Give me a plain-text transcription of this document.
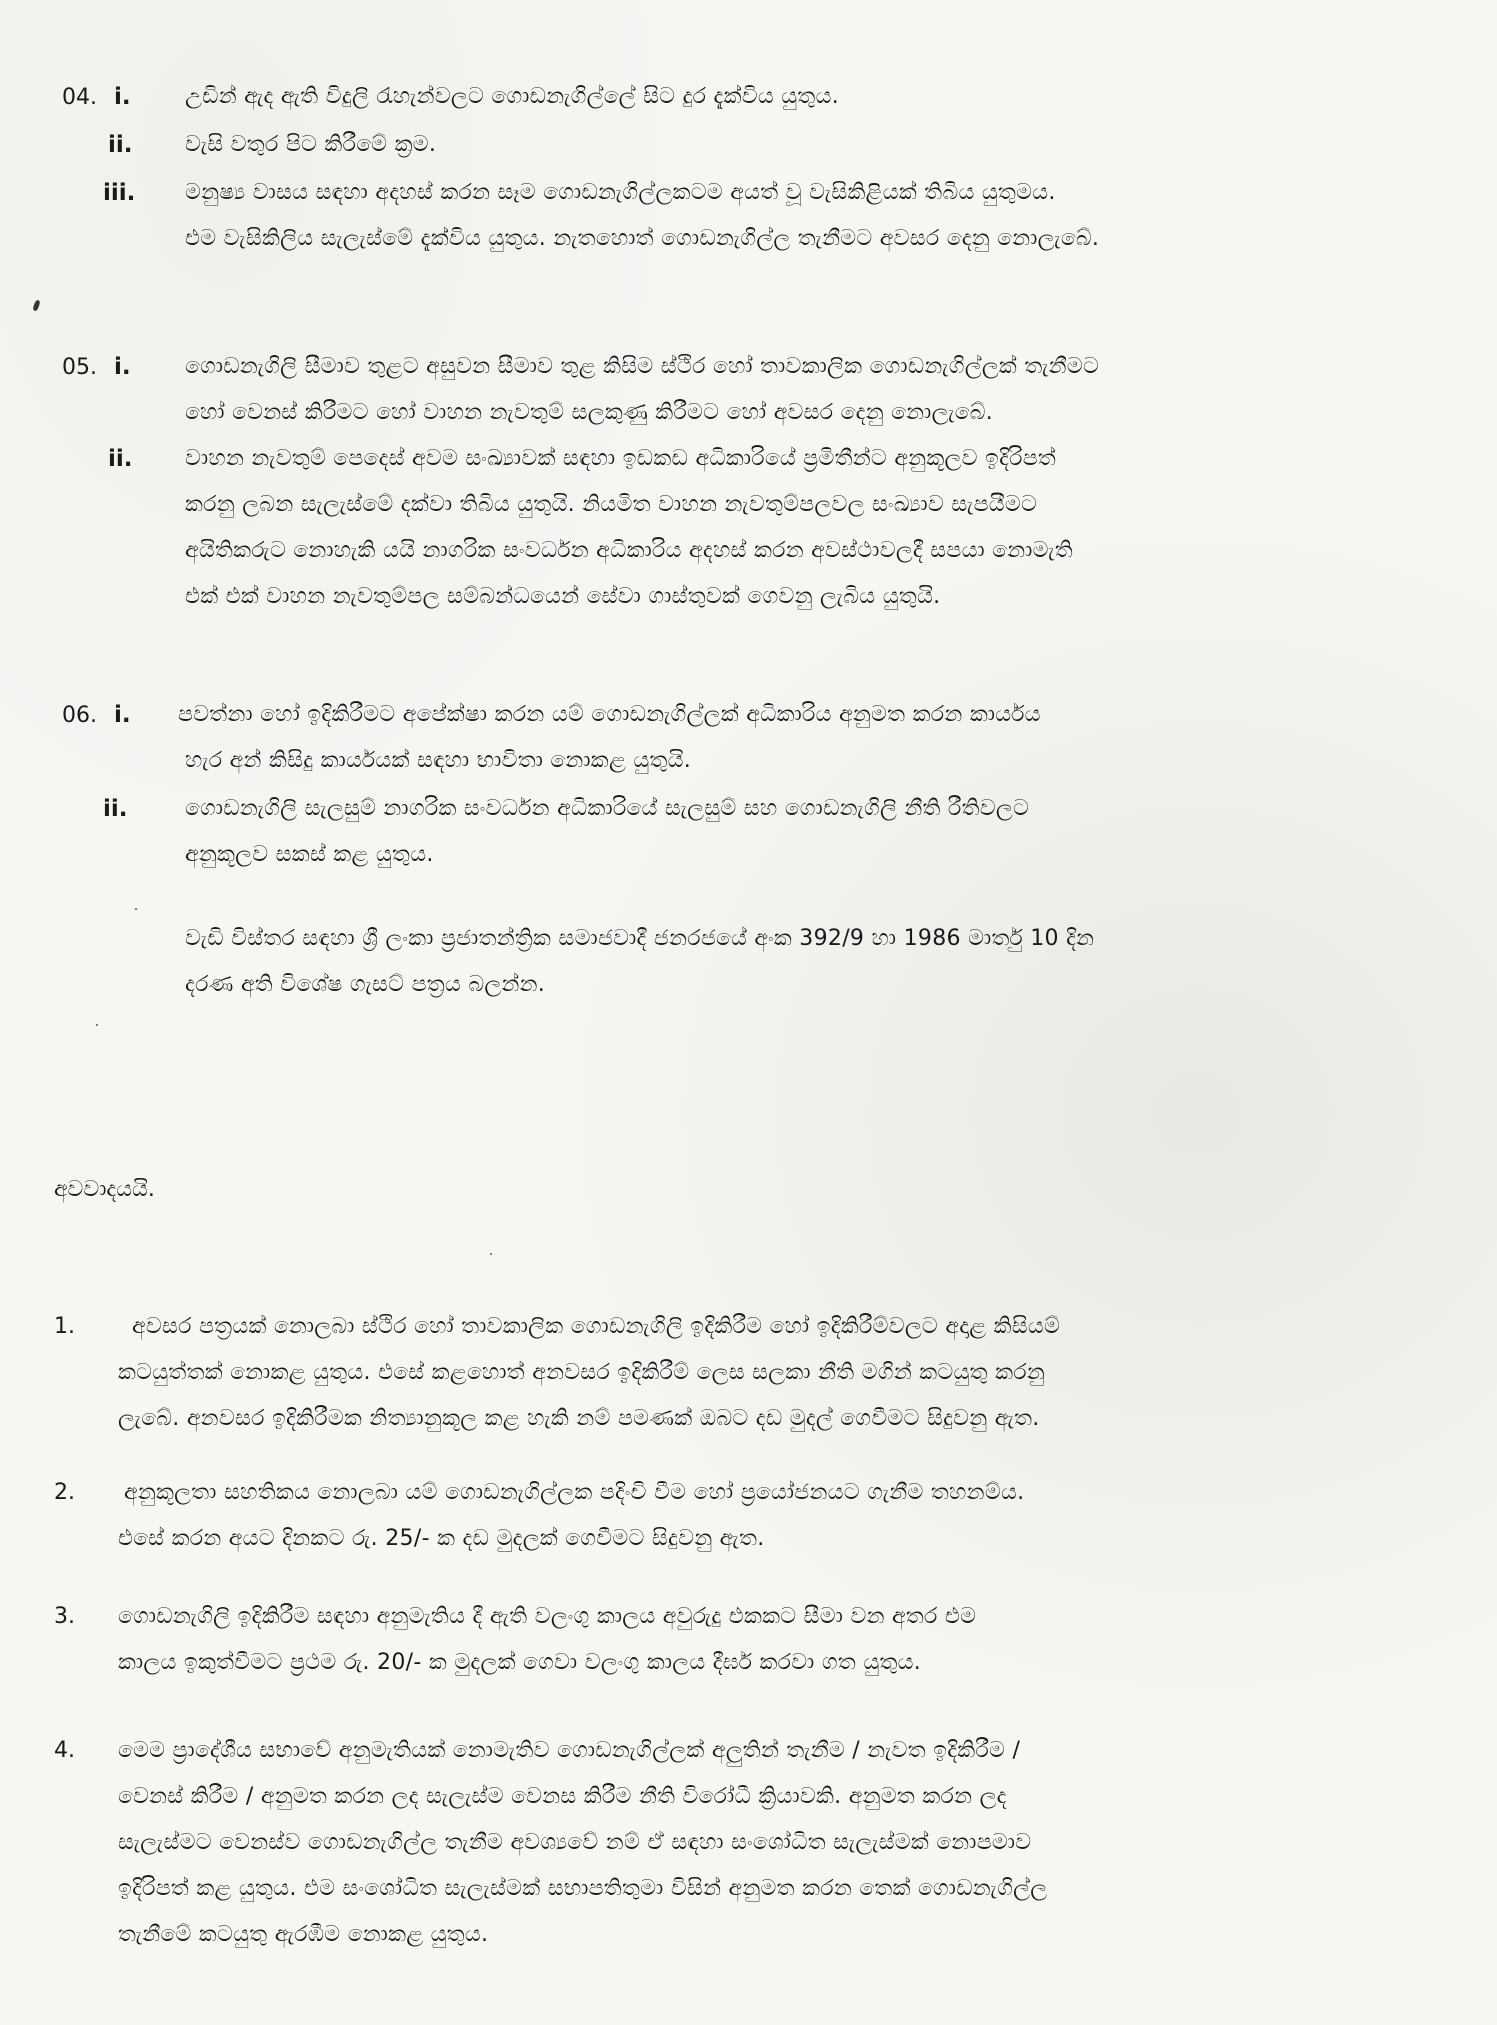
04. i. උඩින් ඇද ඇති විදුලි රැහැන්වලට ගොඩනැගිල්ලේ සිට දුර දැක්විය යුතුය.
ii. වැසි වතුර පිට කිරීමේ ක්‍රම.
iii. මනුෂ්‍ය වාසය සඳහා අදහස් කරන සෑම ගොඩනැගිල්ලකටම අයත් වූ වැසිකිළියක් තිබිය යුතුමය.
එම වැසිකිලිය සැලැස්මේ දැක්විය යුතුය. නැතහොත් ගොඩනැගිල්ල තැනීමට අවසර දෙනු නොලැබේ.
05. i. ගොඩනැගිලි සීමාව තුළට අසුවන සීමාව තුළ කිසිම ස්ථිර හෝ තාවකාලික ගොඩනැගිල්ලක් තැනීමට
හෝ වෙනස් කිරීමට හෝ වාහන නැවතුම් සලකුණු කිරීමට හෝ අවසර දෙනු නොලැබේ.
ii. වාහන නැවතුම් පෙදෙස් අවම සංඛ්‍යාවක් සඳහා ඉඩකඩ අධිකාරියේ ප්‍රමිතීන්ට අනුකූලව ඉදිරිපත්
කරනු ලබන සැලැස්මේ දක්වා තිබිය යුතුයි. නියමිත වාහන නැවතුම්පලවල සංඛ්‍යාව සැපයීමට
අයිතිකරුට නොහැකි යයි නාගරික සංවර්ධන අධිකාරිය අදහස් කරන අවස්ථාවලදී සපයා නොමැති
එක් එක් වාහන නැවතුම්පල සම්බන්ධයෙන් සේවා ගාස්තුවක් ගෙවනු ලැබිය යුතුයි.
06. i. පවත්නා හෝ ඉදිකිරීමට අපේක්ෂා කරන යම් ගොඩනැගිල්ලක් අධිකාරිය අනුමත කරන කාර්යය
හැර අන් කිසිදු කාර්යයක් සඳහා භාවිතා නොකළ යුතුයි.
ii.	ගොඩනැගිලි සැලසුම් නාගරික සංවර්ධන අධිකාරියේ සැලසුම් සහ ගොඩනැගිලි නීති රීතිවලට
අනුකූලව සකස් කළ යුතුය.
වැඩි විස්තර සඳහා ශ්‍රී ලංකා ප්‍රජාතන්ත්‍රික සමාජවාදී ජනරජයේ අංක 392/9 හා 1986 මාර්තු 10 දින
දරණ අති විශේෂ ගැසට් පත්‍රය බලන්න.
අවවාදයයි.
1.	අවසර පත්‍රයක් නොලබා ස්ථිර හෝ තාවකාලික ගොඩනැගිලි ඉදිකිරීම හෝ ඉදිකිරීම්වලට අදාළ කිසියම්
කටයුත්තක් නොකළ යුතුය. එසේ කළහොත් අනවසර ඉදිකිරීම් ලෙස සලකා නීති මගින් කටයුතු කරනු
ලැබේ. අනවසර ඉදිකිරීමක නිත්‍යානුකූල කළ හැකි නම් පමණක් ඔබට දඩ මුදල් ගෙවීමට සිදුවනු ඇත.
2. අනුකූලතා සහතිකය නොලබා යම් ගොඩනැගිල්ලක පදිංචි වීම හෝ ප්‍රයෝජනයට ගැනීම තහනම්ය.
එසේ කරන අයට දිනකට රු. 25/- ක දඩ මුදලක් ගෙවීමට සිදුවනු ඇත.
3. ගොඩනැගිලි ඉදිකිරීම සඳහා අනුමැතිය දී ඇති වලංගු කාලය අවුරුදු එකකට සීමා වන අතර එම
කාලය ඉකුත්වීමට ප්‍රථම රු. 20/- ක මුදලක් ගෙවා වලංගු කාලය දීර්ඝ කරවා ගත යුතුය.
4. මෙම ප්‍රාදේශීය සභාවේ අනුමැතියක් නොමැතිව ගොඩනැගිල්ලක් අලුතින් තැනීම / නැවත ඉදිකිරීම /
වෙනස් කිරීම / අනුමත කරන ලද සැලැස්ම වෙනස කිරීම නීති විරෝධී ක්‍රියාවකි. අනුමත කරන ලද
සැලැස්මට වෙනස්ව ගොඩනැගිල්ල තැනීම අවශ්‍යවේ නම් ඒ සඳහා සංශෝධිත සැලැස්මක් නොපමාව
ඉදිරිපත් කළ යුතුය. එම සංශෝධිත සැලැස්මක් සභාපතිතුමා විසින් අනුමත කරන තෙක් ගොඩනැගිල්ල
තැනීමේ කටයුතු ඇරඹීම නොකළ යුතුය.
